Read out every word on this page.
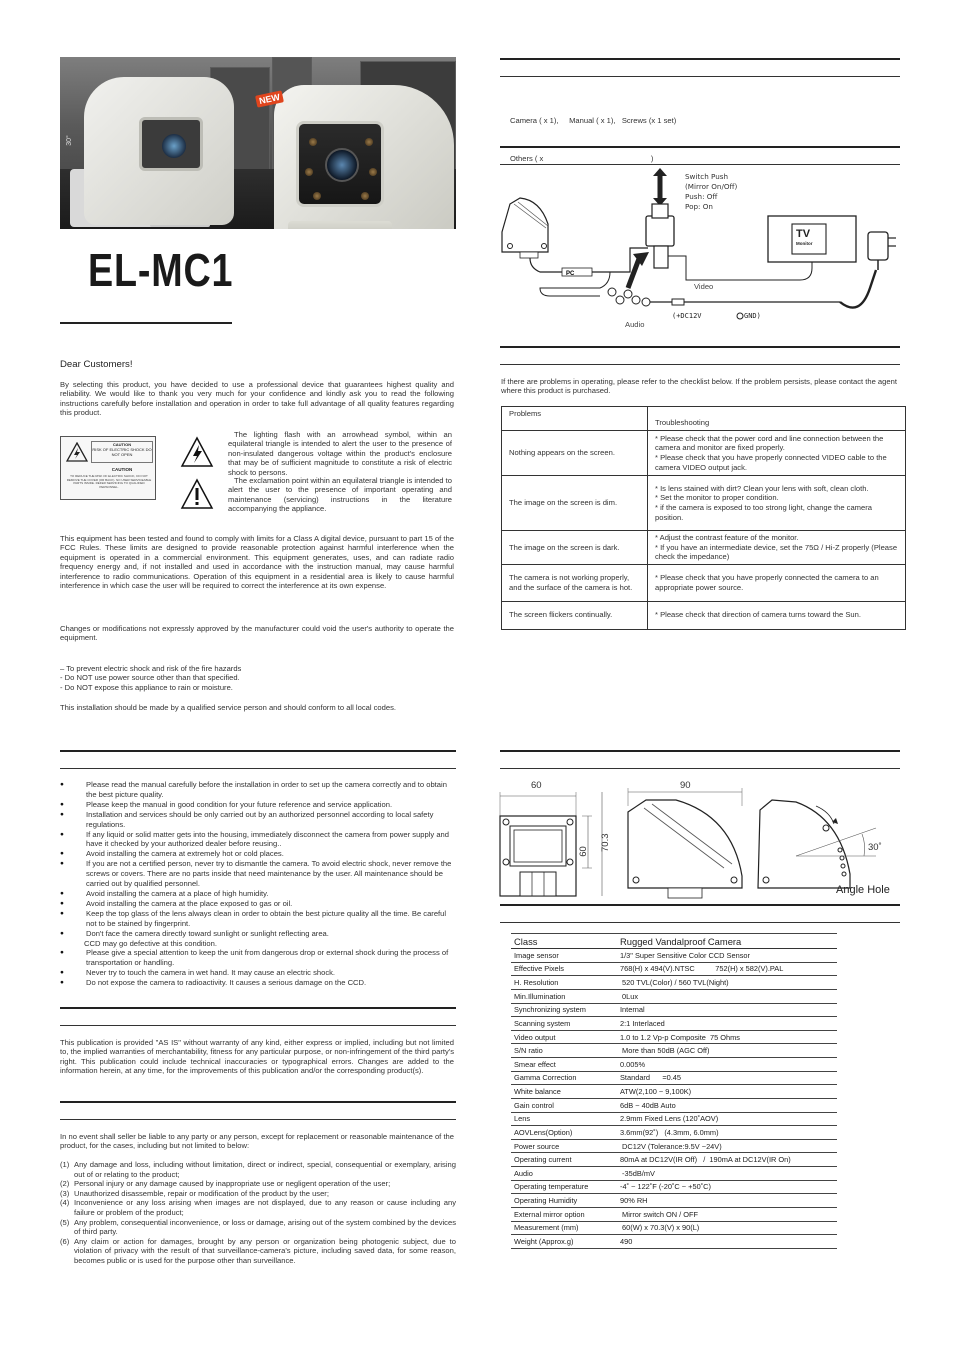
30°
NEW
EL-MC1
Dear Customers!

By selecting this product, you have decided to use a professional device that guarantees highest quality and reliability. We would like to thank you very much for your confidence and kindly ask you to read the following instructions carefully before installation and operation in order to take full advantage of all quality features regarding this product.

CAUTION
RISK OF ELECTRIC SHOCK DO NOT OPEN
CAUTION
TO REDUCE THE RISK OF ELECTRIC SHOCK, DO NOT REMOVE THE COVER (OR BACK). NO USER SERVICEABLE PARTS INSIDE. REFER SERVICING TO QUALIFIED PERSONNEL.

The lighting flash with an arrowhead symbol, within an equilateral triangle is intended to alert the user to the presence of non-insulated dangerous voltage within the product's enclosure that may be of sufficient magnitude to constitute a risk of electric shock to persons.

The exclamation point within an equilateral triangle is intended to alert the user to the presence of important operating and maintenance (servicing) instructions in the literature accompanying the appliance.

This equipment has been tested and found to comply with limits for a Class A digital device, pursuant to part 15 of the FCC Rules. These limits are designed to provide reasonable protection against harmful interference when the equipment is operated in a commercial environment. This equipment generates, uses, and can radiate radio frequency energy and, if not installed and used in accordance with the instruction manual, may cause harmful interference to radio communications. Operation of this equipment in a residential area is likely to cause harmful interference in which case the user will be required to correct the interference at its own expense.

Changes or modifications not expressly approved by the manufacturer could void the user's authority to operate the equipment.

– To prevent electric shock and risk of the fire hazards
- Do NOT use power source other than that specified.
- Do NOT expose this appliance to rain or moisture.

This installation should be made by a qualified service person and should conform to all local codes.

● Please read the manual carefully before the installation in order to set up the camera correctly and to obtain the best picture quality.
● Please keep the manual in good condition for your future reference and service application.
● Installation and services should be only carried out by an authorized personnel according to local safety regulations.
● If any liquid or solid matter gets into the housing, immediately disconnect the camera from power supply and have it checked by your authorized dealer before reusing..
● Avoid installing the camera at extremely hot or cold places.
● If you are not a certified person, never try to dismantle the camera. To avoid electric shock, never remove the screws or covers. There are no parts inside that need maintenance by the user. All maintenance should be carried out by qualified personnel.
● Avoid installing the camera at a place of high humidity.
● Avoid installing the camera at the place exposed to gas or oil.
● Keep the top glass of the lens always clean in order to obtain the best picture quality all the time. Be careful not to be stained by fingerprint.
● Don't face the camera directly toward sunlight or sunlight reflecting area.
CCD may go defective at this condition.
● Please give a special attention to keep the unit from dangerous drop or external shock during the process of transportation or handling.
● Never try to touch the camera in wet hand. It may cause an electric shock.
● Do not expose the camera to radioactivity. It causes a serious damage on the CCD.

This publication is provided "AS IS" without warranty of any kind, either express or implied, including but not limited to, the implied warranties of merchantability, fitness for any particular purpose, or non-infringement of the third party's right. This publication could include technical inaccuracies or typographical errors. Changes are added to the information herein, at any time, for the improvements of this publication and/or the corresponding product(s).

In no event shall seller be liable to any party or any person, except for replacement or reasonable maintenance of the product, for the cases, including but not limited to below:

(1) Any damage and loss, including without limitation, direct or indirect, special, consequential or exemplary, arising out of or relating to the product;
(2) Personal injury or any damage caused by inappropriate use or negligent operation of the user;
(3) Unauthorized disassemble, repair or modification of the product by the user;
(4) Inconvenience or any loss arising when images are not displayed, due to any reason or cause including any failure or problem of the product;
(5) Any problem, consequential inconvenience, or loss or damage, arising out of the system combined by the devices of third party.
(6) Any claim or action for damages, brought by any person or organization being photogenic subject, due to violation of privacy with the result of that surveillance-camera's picture, including saved data, for some reason, becomes public or is used for the purpose other than surveillance.

Camera ( x 1),     Manual ( x 1),   Screws (x 1 set)

Others ( x                                                   )

PC
Switch Push
(Mirror On/Off)
Push: Off
Pop: On
TV
Monitor
Video
Audio
(+DC12V	GND)

If there are problems in operating, please refer to the checklist below. If the problem persists, please contact the agent where this product is purchased.

Problems	Troubleshooting
Nothing appears on the screen.	* Please check that the power cord and line connection between the camera and monitor are fixed properly.
* Please check that you have properly connected VIDEO cable to the camera VIDEO output jack.

The image on the screen is dim.	* Is lens stained with dirt? Clean your lens with soft, clean cloth.
* Set the monitor to proper condition.
* if the camera is exposed to too strong light, change the camera position.

The image on the screen is dark.	* Adjust the contrast feature of the monitor.
* If you have an intermediate device, set the 75Ω / Hi-Z properly (Please check the impedance)

The camera is not working properly, and the surface of the camera is hot.	* Please check that you have properly connected the camera to an appropriate power source.
The screen flickers continually.	* Please check that direction of camera turns toward the Sun.
60
60 70.3
90
30˚
Angle Hole
Class	Rugged Vandalproof Camera
Image sensor	1/3" Super Sensitive Color CCD Sensor
Effective Pixels	768(H) x 494(V).NTSC          752(H) x 582(V).PAL
H. Resolution	520 TVL(Color) / 560 TVL(Night)
Min.Illumination	0Lux
Synchronizing system	Internal
Scanning system	2:1 Interlaced
Video output	1.0 to 1.2 Vp-p Composite  75 Ohms
S/N ratio	More than 50dB (AGC Off)
Smear effect	0.005%
Gamma Correction	Standard      =0.45
White balance	ATW(2,100 ~ 9,100K)
Gain control	6dB ~ 40dB Auto
Lens	2.9mm Fixed Lens (120˚AOV)
AOVLens(Option)	3.6mm(92˚)   (4.3mm, 6.0mm)
Power source	DC12V (Tolerance:9.5V ~24V)
Operating current	80mA at DC12V(IR Off)   /  190mA at DC12V(IR On)
Audio	-35dB/mV
Operating temperature	-4˚ ~ 122˚F (-20˚C ~ +50˚C)
Operating Humidity	90% RH
External mirror option	Mirror switch ON / OFF
Measurement (mm)	60(W) x 70.3(V) x 90(L)
Weight (Approx.g)	490
